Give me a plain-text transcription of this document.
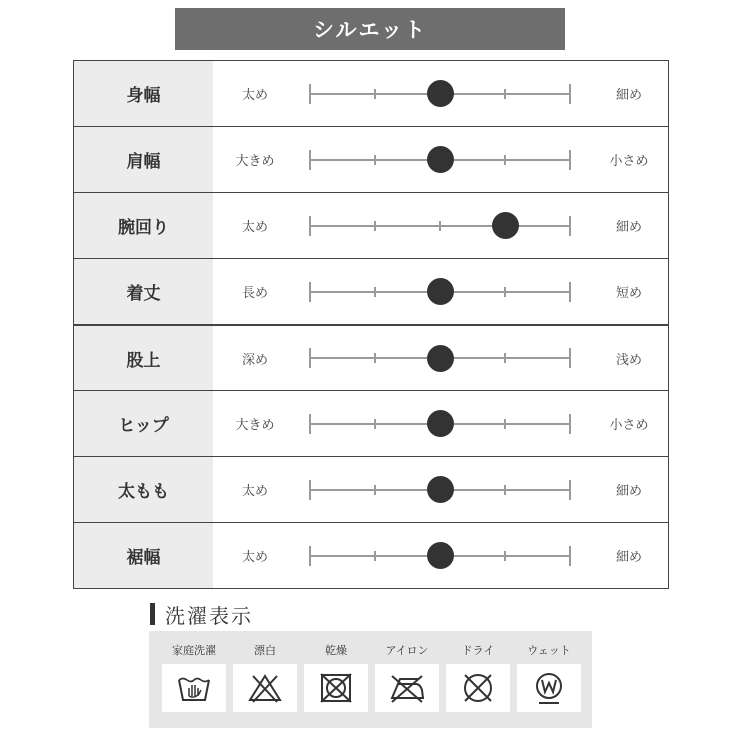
シルエット
身幅	太め	細め
肩幅	大きめ	小さめ
腕回り	太め	細め
着丈	長め	短め
股上	深め	浅め
ヒップ	大きめ	小さめ
太もも	太め	細め
裾幅	太め	細め
洗濯表示
家庭洗濯	漂白	乾燥	アイロン	ドライ	ウェット
